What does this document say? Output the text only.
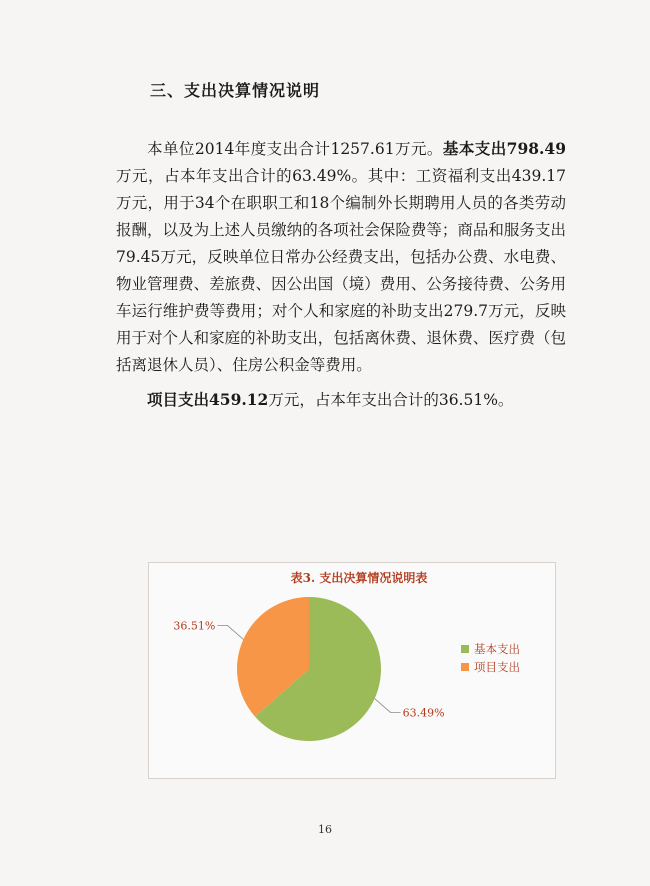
三、支出决算情况说明

本单位2014年度支出合计1257.61万元。基本支出798.49万元，占本年支出合计的63.49%。其中：工资福利支出439.17万元，用于34个在职职工和18个编制外长期聘用人员的各类劳动报酬，以及为上述人员缴纳的各项社会保险费等；商品和服务支出79.45万元，反映单位日常办公经费支出，包括办公费、水电费、物业管理费、差旅费、因公出国（境）费用、公务接待费、公务用车运行维护费等费用；对个人和家庭的补助支出279.7万元，反映用于对个人和家庭的补助支出，包括离休费、退休费、医疗费（包括离退休人员）、住房公积金等费用。

项目支出459.12万元，占本年支出合计的36.51%。

表3. 支出决算情况说明表
63.49%
36.51%
基本支出
项目支出
16
